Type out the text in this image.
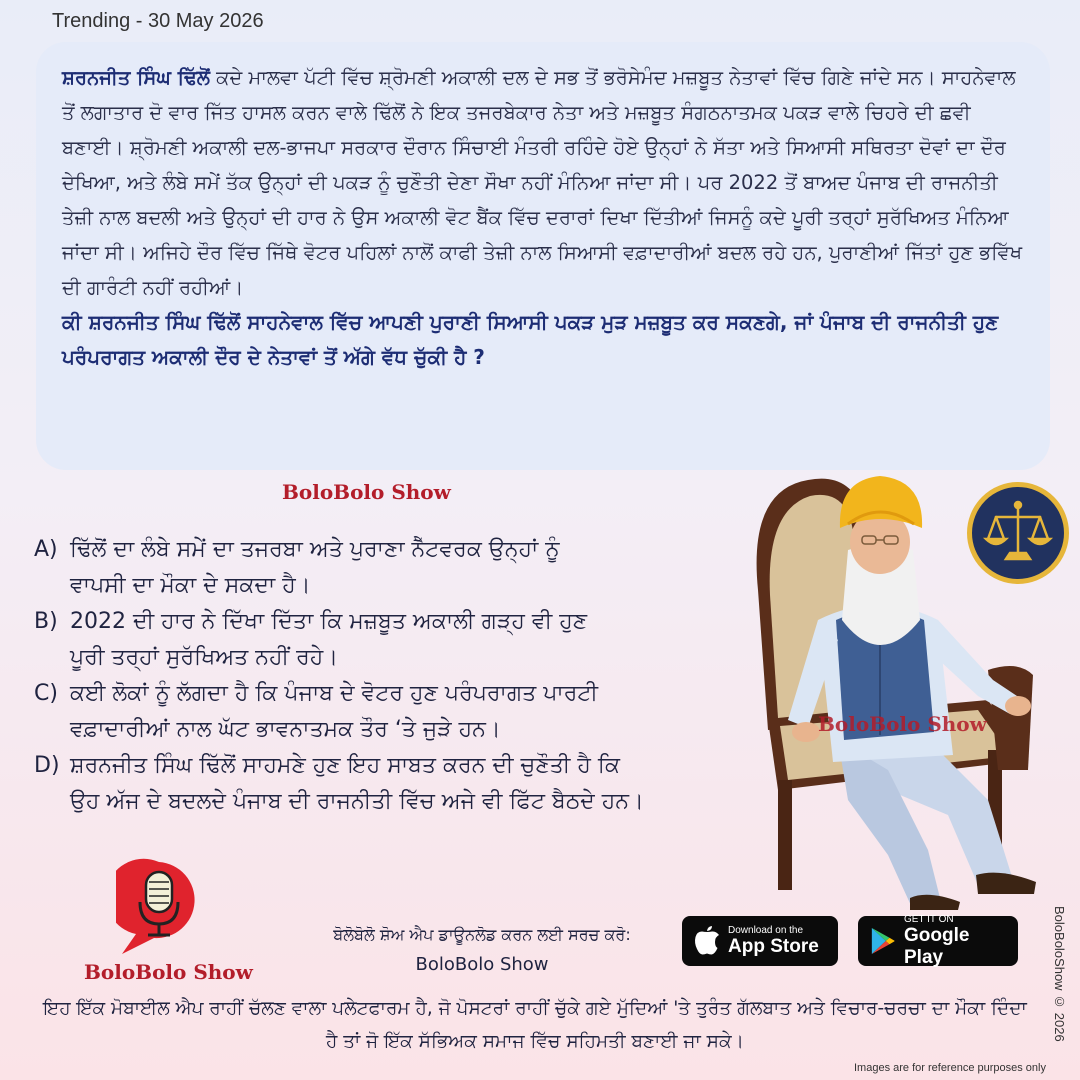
Trending - 30 May 2026

ਸ਼ਰਨਜੀਤ ਸਿੰਘ ਢਿੱਲੋਂ ਕਦੇ ਮਾਲਵਾ ਪੱਟੀ ਵਿੱਚ ਸ਼੍ਰੋਮਣੀ ਅਕਾਲੀ ਦਲ ਦੇ ਸਭ ਤੋਂ ਭਰੋਸੇਮੰਦ ਮਜ਼ਬੂਤ ਨੇਤਾਵਾਂ ਵਿੱਚ ਗਿਣੇ ਜਾਂਦੇ ਸਨ। ਸਾਹਨੇਵਾਲ ਤੋਂ ਲਗਾਤਾਰ ਦੋ ਵਾਰ ਜਿੱਤ ਹਾਸਲ ਕਰਨ ਵਾਲੇ ਢਿੱਲੋਂ ਨੇ ਇਕ ਤਜਰਬੇਕਾਰ ਨੇਤਾ ਅਤੇ ਮਜ਼ਬੂਤ ਸੰਗਠਨਾਤਮਕ ਪਕੜ ਵਾਲੇ ਚਿਹਰੇ ਦੀ ਛਵੀ ਬਣਾਈ। ਸ਼੍ਰੋਮਣੀ ਅਕਾਲੀ ਦਲ-ਭਾਜਪਾ ਸਰਕਾਰ ਦੌਰਾਨ ਸਿੰਚਾਈ ਮੰਤਰੀ ਰਹਿੰਦੇ ਹੋਏ ਉਨ੍ਹਾਂ ਨੇ ਸੱਤਾ ਅਤੇ ਸਿਆਸੀ ਸਥਿਰਤਾ ਦੋਵਾਂ ਦਾ ਦੌਰ ਦੇਖਿਆ, ਅਤੇ ਲੰਬੇ ਸਮੇਂ ਤੱਕ ਉਨ੍ਹਾਂ ਦੀ ਪਕੜ ਨੂੰ ਚੁਣੌਤੀ ਦੇਣਾ ਸੌਖਾ ਨਹੀਂ ਮੰਨਿਆ ਜਾਂਦਾ ਸੀ। ਪਰ 2022 ਤੋਂ ਬਾਅਦ ਪੰਜਾਬ ਦੀ ਰਾਜਨੀਤੀ ਤੇਜ਼ੀ ਨਾਲ ਬਦਲੀ ਅਤੇ ਉਨ੍ਹਾਂ ਦੀ ਹਾਰ ਨੇ ਉਸ ਅਕਾਲੀ ਵੋਟ ਬੈਂਕ ਵਿੱਚ ਦਰਾਰਾਂ ਦਿਖਾ ਦਿੱਤੀਆਂ ਜਿਸਨੂੰ ਕਦੇ ਪੂਰੀ ਤਰ੍ਹਾਂ ਸੁਰੱਖਿਅਤ ਮੰਨਿਆ ਜਾਂਦਾ ਸੀ। ਅਜਿਹੇ ਦੌਰ ਵਿੱਚ ਜਿੱਥੇ ਵੋਟਰ ਪਹਿਲਾਂ ਨਾਲੋਂ ਕਾਫੀ ਤੇਜ਼ੀ ਨਾਲ ਸਿਆਸੀ ਵਫ਼ਾਦਾਰੀਆਂ ਬਦਲ ਰਹੇ ਹਨ, ਪੁਰਾਣੀਆਂ ਜਿੱਤਾਂ ਹੁਣ ਭਵਿੱਖ ਦੀ ਗਾਰੰਟੀ ਨਹੀਂ ਰਹੀਆਂ।

ਕੀ ਸ਼ਰਨਜੀਤ ਸਿੰਘ ਢਿੱਲੋਂ ਸਾਹਨੇਵਾਲ ਵਿੱਚ ਆਪਣੀ ਪੁਰਾਣੀ ਸਿਆਸੀ ਪਕੜ ਮੁੜ ਮਜ਼ਬੂਤ ਕਰ ਸਕਣਗੇ, ਜਾਂ ਪੰਜਾਬ ਦੀ ਰਾਜਨੀਤੀ ਹੁਣ ਪਰੰਪਰਾਗਤ ਅਕਾਲੀ ਦੌਰ ਦੇ ਨੇਤਾਵਾਂ ਤੋਂ ਅੱਗੇ ਵੱਧ ਚੁੱਕੀ ਹੈ ?

BoloBolo Show
A) ਢਿੱਲੋਂ ਦਾ ਲੰਬੇ ਸਮੇਂ ਦਾ ਤਜਰਬਾ ਅਤੇ ਪੁਰਾਣਾ ਨੈੱਟਵਰਕ ਉਨ੍ਹਾਂ ਨੂੰ
ਵਾਪਸੀ ਦਾ ਮੌਕਾ ਦੇ ਸਕਦਾ ਹੈ।
B) 2022 ਦੀ ਹਾਰ ਨੇ ਦਿੱਖਾ ਦਿੱਤਾ ਕਿ ਮਜ਼ਬੂਤ ਅਕਾਲੀ ਗੜ੍ਹ ਵੀ ਹੁਣ
ਪੂਰੀ ਤਰ੍ਹਾਂ ਸੁਰੱਖਿਅਤ ਨਹੀਂ ਰਹੇ।
C) ਕਈ ਲੋਕਾਂ ਨੂੰ ਲੱਗਦਾ ਹੈ ਕਿ ਪੰਜਾਬ ਦੇ ਵੋਟਰ ਹੁਣ ਪਰੰਪਰਾਗਤ ਪਾਰਟੀ
ਵਫ਼ਾਦਾਰੀਆਂ ਨਾਲ ਘੱਟ ਭਾਵਨਾਤਮਕ ਤੌਰ ‘ਤੇ ਜੁੜੇ ਹਨ।
D) ਸ਼ਰਨਜੀਤ ਸਿੰਘ ਢਿੱਲੋਂ ਸਾਹਮਣੇ ਹੁਣ ਇਹ ਸਾਬਤ ਕਰਨ ਦੀ ਚੁਣੌਤੀ ਹੈ ਕਿ
ਉਹ ਅੱਜ ਦੇ ਬਦਲਦੇ ਪੰਜਾਬ ਦੀ ਰਾਜਨੀਤੀ ਵਿੱਚ ਅਜੇ ਵੀ ਫਿੱਟ ਬੈਠਦੇ ਹਨ।
BoloBolo Show
BoloBolo Show
ਬੋਲੋਬੋਲੋ ਸ਼ੋਅ ਐਪ ਡਾਊਨਲੋਡ ਕਰਨ ਲਈ ਸਰਚ ਕਰੋ:
BoloBolo Show
Download on the
App Store
GET IT ON
Google Play
ਇਹ ਇੱਕ ਮੋਬਾਈਲ ਐਪ ਰਾਹੀਂ ਚੱਲਣ ਵਾਲਾ ਪਲੇਟਫਾਰਮ ਹੈ, ਜੋ ਪੋਸਟਰਾਂ ਰਾਹੀਂ ਚੁੱਕੇ ਗਏ ਮੁੱਦਿਆਂ 'ਤੇ ਤੁਰੰਤ ਗੱਲਬਾਤ ਅਤੇ ਵਿਚਾਰ-ਚਰਚਾ ਦਾ ਮੌਕਾ ਦਿੰਦਾ ਹੈ ਤਾਂ ਜੋ ਇੱਕ ਸੱਭਿਅਕ ਸਮਾਜ ਵਿੱਚ ਸਹਿਮਤੀ ਬਣਾਈ ਜਾ ਸਕੇ।	BoloBoloShow © 2026
Images are for reference purposes only
